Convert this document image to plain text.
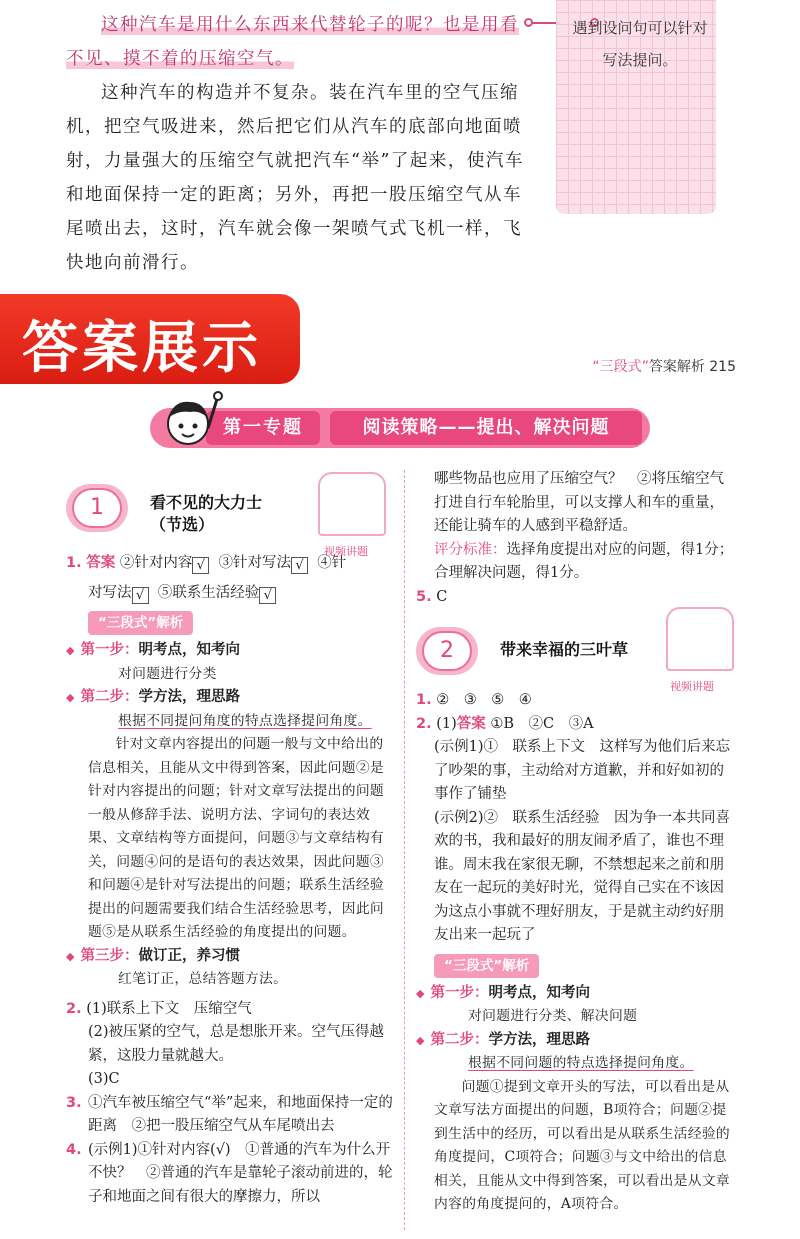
这种汽车是用什么东西来代替轮子的呢？也是用看不见、摸不着的压缩空气。

这种汽车的构造并不复杂。装在汽车里的空气压缩机，把空气吸进来，然后把它们从汽车的底部向地面喷射，力量强大的压缩空气就把汽车“举”了起来，使汽车和地面保持一定的距离；另外，再把一股压缩空气从车尾喷出去，这时，汽车就会像一架喷气式飞机一样，飞快地向前滑行。

遇到设问句可以针对写法提问。
答案展示	“三段式”答案解析 215
第一专题	阅读策略——提出、解决问题
1	看不见的大力士
（节选）
视频讲题
1. 答案 ②针对内容 √ ③针对写法 √ ④针
对写法 √ ⑤联系生活经验 √
“三段式”解析
◆ 第一步：明考点，知考向
对问题进行分类
◆ 第二步：学方法，理思路
根据不同提问角度的特点选择提问角度。
针对文章内容提出的问题一般与文中给出的信息相关，且能从文中得到答案，因此问题②是针对内容提出的问题；针对文章写法提出的问题一般从修辞手法、说明方法、字词句的表达效果、文章结构等方面提问，问题③与文章结构有关，问题④问的是语句的表达效果，因此问题③和问题④是针对写法提出的问题；联系生活经验提出的问题需要我们结合生活经验思考，因此问题⑤是从联系生活经验的角度提出的问题。
◆ 第三步：做订正，养习惯
红笔订正，总结答题方法。
2. (1)联系上下文　压缩空气
(2)被压紧的空气，总是想胀开来。空气压得越紧，这股力量就越大。
(3)C
3. ①汽车被压缩空气“举”起来，和地面保持一定的距离　②把一股压缩空气从车尾喷出去
4. (示例1)①针对内容(√)　①普通的汽车为什么开不快？　②普通的汽车是靠轮子滚动前进的，轮子和地面之间有很大的摩擦力，所以
哪些物品也应用了压缩空气？　②将压缩空气打进自行车轮胎里，可以支撑人和车的重量，还能让骑车的人感到平稳舒适。
评分标准：选择角度提出对应的问题，得1分；合理解决问题，得1分。
5. C
2	带来幸福的三叶草
视频讲题
1. ②　③　⑤　④
2. (1)答案 ①B　②C　③A
(示例1)①　联系上下文　这样写为他们后来忘了吵架的事，主动给对方道歉，并和好如初的事作了铺垫
(示例2)②　联系生活经验　因为争一本共同喜欢的书，我和最好的朋友闹矛盾了，谁也不理谁。周末我在家很无聊，不禁想起来之前和朋友在一起玩的美好时光，觉得自己实在不该因为这点小事就不理好朋友，于是就主动约好朋友出来一起玩了
“三段式”解析
◆ 第一步：明考点，知考向
对问题进行分类、解决问题
◆ 第二步：学方法，理思路
根据不同问题的特点选择提问角度。
问题①提到文章开头的写法，可以看出是从文章写法方面提出的问题，B项符合；问题②提到生活中的经历，可以看出是从联系生活经验的角度提问，C项符合；问题③与文中给出的信息相关，且能从文中得到答案，可以看出是从文章内容的角度提问的，A项符合。
